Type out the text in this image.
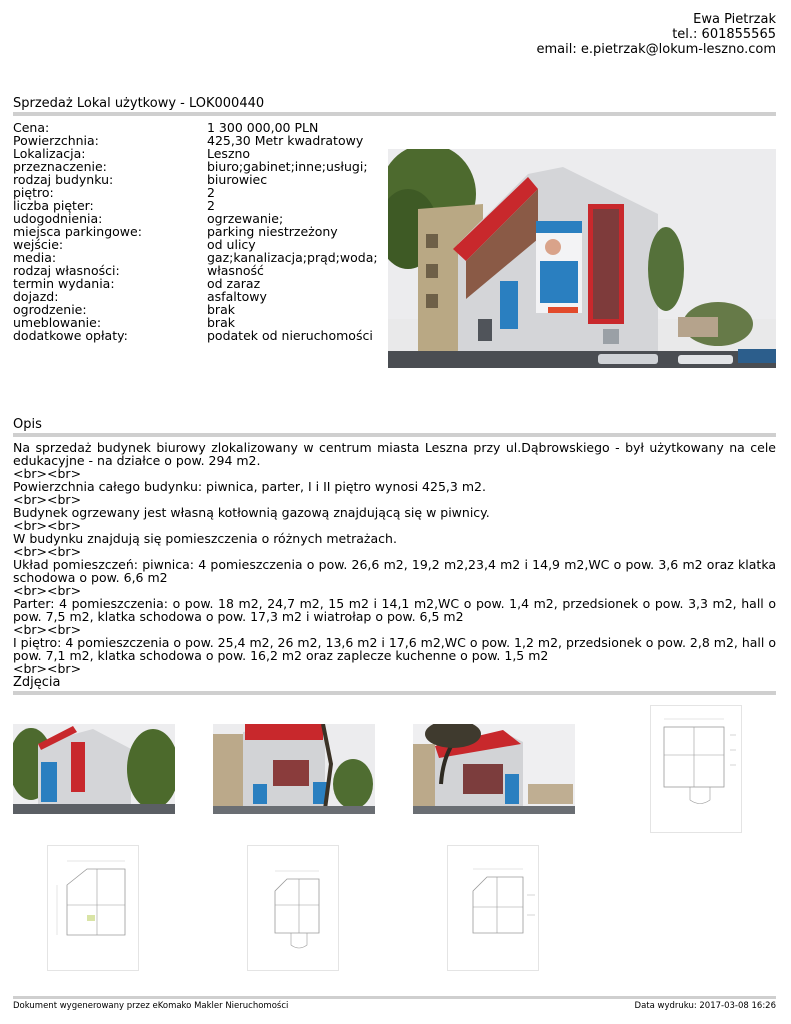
Ewa Pietrzak
tel.: 601855565
email: e.pietrzak@lokum-leszno.com
Sprzedaż Lokal użytkowy - LOK000440
Cena:	1 300 000,00 PLN
Powierzchnia:	425,30 Metr kwadratowy
Lokalizacja:	Leszno
przeznaczenie:	biuro;gabinet;inne;usługi;
rodzaj budynku:	biurowiec
piętro:	2
liczba pięter:	2
udogodnienia:	ogrzewanie;
miejsca parkingowe:	parking niestrzeżony
wejście:	od ulicy
media:	gaz;kanalizacja;prąd;woda;
rodzaj własności:	własność
termin wydania:	od zaraz
dojazd:	asfaltowy
ogrodzenie:	brak
umeblowanie:	brak
dodatkowe opłaty:	podatek od nieruchomości
Opis

Na sprzedaż budynek biurowy zlokalizowany w centrum miasta Leszna przy ul.Dąbrowskiego - był użytkowany na cele edukacyjne - na działce o pow. 294 m2.

<br><br>

Powierzchnia całego budynku: piwnica, parter, I i II piętro wynosi 425,3 m2.

<br><br>

Budynek ogrzewany jest własną kotłownią gazową znajdującą się w piwnicy.

<br><br>

W budynku znajdują się pomieszczenia o różnych metrażach.

<br><br>

Układ pomieszczeń: piwnica: 4 pomieszczenia o pow. 26,6 m2, 19,2 m2,23,4 m2 i 14,9 m2,WC o pow. 3,6 m2 oraz klatka schodowa o pow. 6,6 m2

<br><br>

Parter: 4 pomieszczenia: o pow. 18 m2, 24,7 m2, 15 m2 i 14,1 m2,WC o pow. 1,4 m2, przedsionek o pow. 3,3 m2, hall o pow. 7,5 m2, klatka schodowa o pow. 17,3 m2 i wiatrołap o pow. 6,5 m2

<br><br>

I piętro: 4 pomieszczenia o pow. 25,4 m2, 26 m2, 13,6 m2 i 17,6 m2,WC o pow. 1,2 m2, przedsionek o pow. 2,8 m2, hall o pow. 7,1 m2, klatka schodowa o pow. 16,2 m2 oraz zaplecze kuchenne o pow. 1,5 m2

<br><br>

Zdjęcia
Dokument wygenerowany przez eKomako Makler Nieruchomości	Data wydruku: 2017-03-08 16:26
